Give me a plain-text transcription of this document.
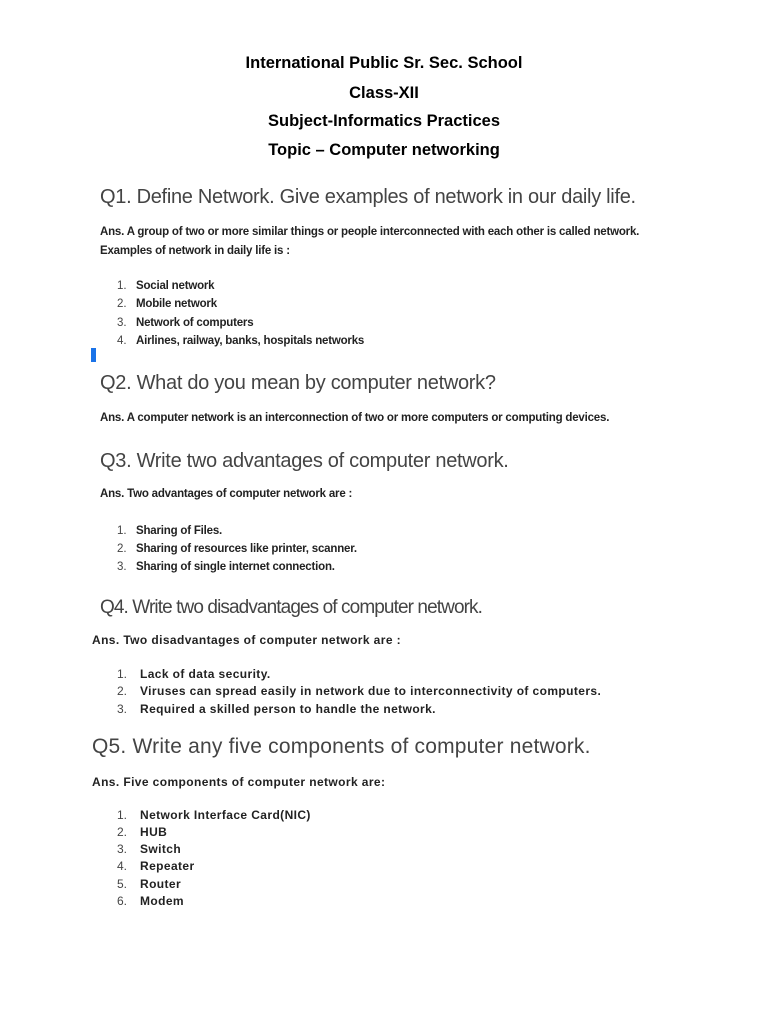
International Public Sr. Sec. School
Class-XII
Subject-Informatics Practices
Topic – Computer networking
Q1. Define Network. Give examples of network in our daily life.
Ans. A group of two or more similar things or people interconnected with each other is called network.
Examples of network in daily life is :
1. Social network
2. Mobile network
3. Network of computers
4. Airlines, railway, banks, hospitals networks
Q2. What do you mean by computer network?
Ans. A computer network is an interconnection of two or more computers or computing devices.
Q3. Write two advantages of computer network.
Ans. Two advantages of computer network are :
1. Sharing of Files.
2. Sharing of resources like printer, scanner.
3. Sharing of single internet connection.
Q4. Write two disadvantages of computer network.
Ans. Two disadvantages of computer network are :
1. Lack of data security.
2. Viruses can spread easily in network due to interconnectivity of computers.
3. Required a skilled person to handle the network.
Q5. Write any five components of computer network.
Ans. Five components of computer network are:
1. Network Interface Card(NIC)
2. HUB
3. Switch
4. Repeater
5. Router
6. Modem
